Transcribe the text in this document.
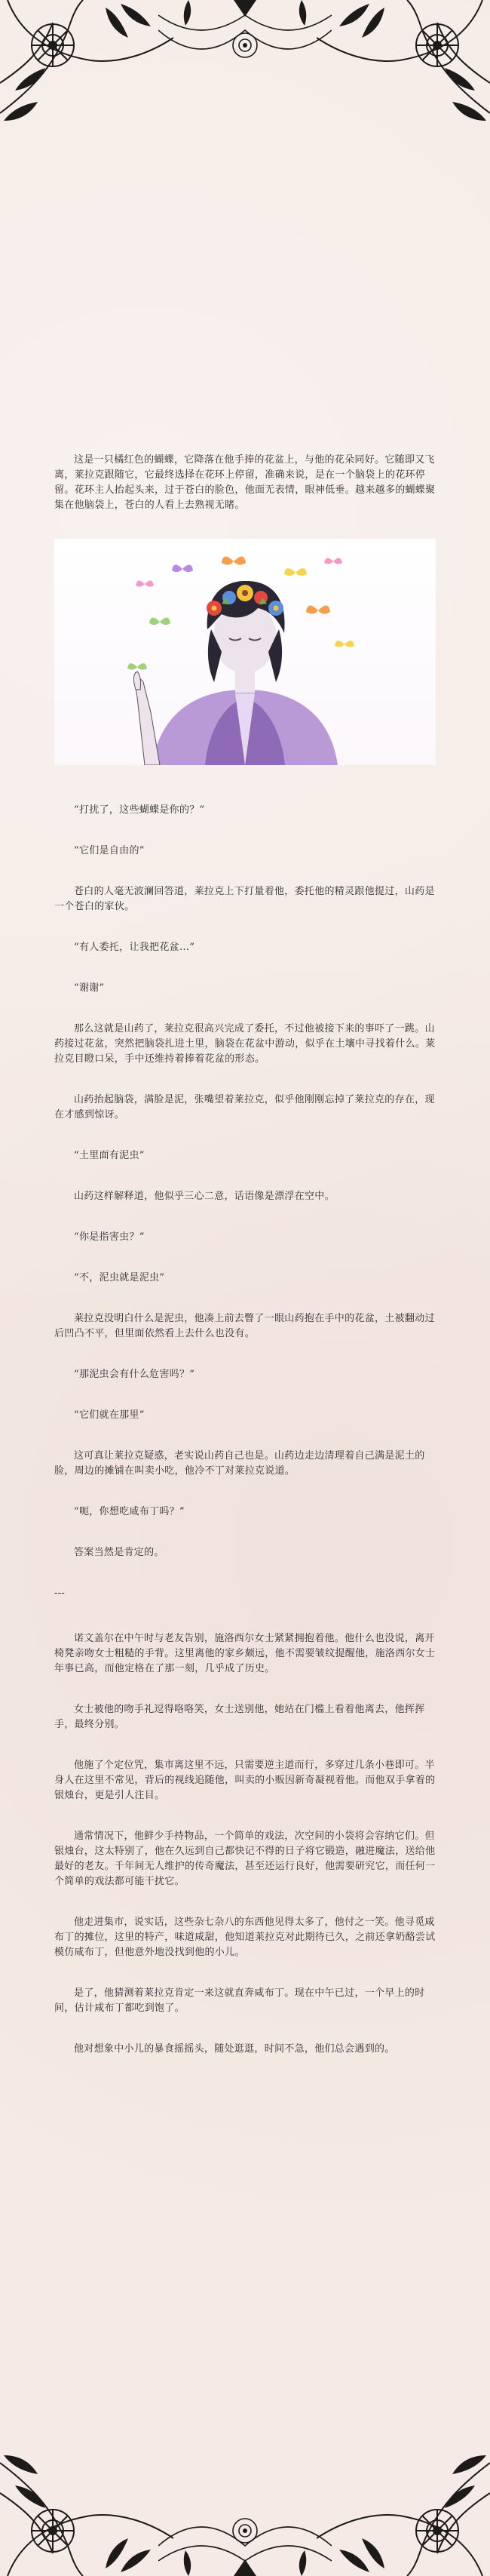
这是一只橘红色的蝴蝶，它降落在他手捧的花盆上，与他的花朵同好。它随即又飞离，莱拉克跟随它，它最终选择在花环上停留，准确来说，是在一个脑袋上的花环停留。花环主人抬起头来，过于苍白的脸色，他面无表情，眼神低垂。越来越多的蝴蝶聚集在他脑袋上，苍白的人看上去熟视无睹。

“打扰了，这些蝴蝶是你的？”

“它们是自由的”

苍白的人毫无波澜回答道，莱拉克上下打量着他，委托他的精灵跟他提过，山药是一个苍白的家伙。

“有人委托，让我把花盆…”

“谢谢”

那么这就是山药了，莱拉克很高兴完成了委托，不过他被接下来的事吓了一跳。山药接过花盆，突然把脑袋扎进土里，脑袋在花盆中游动，似乎在土壤中寻找着什么。莱拉克目瞪口呆，手中还维持着捧着花盆的形态。

山药抬起脑袋，满脸是泥，张嘴望着莱拉克，似乎他刚刚忘掉了莱拉克的存在，现在才感到惊讶。

“土里面有泥虫”

山药这样解释道，他似乎三心二意，话语像是漂浮在空中。

“你是指害虫？”

“不，泥虫就是泥虫”

莱拉克没明白什么是泥虫，他凑上前去瞥了一眼山药抱在手中的花盆，土被翻动过后凹凸不平，但里面依然看上去什么也没有。

“那泥虫会有什么危害吗？”

“它们就在那里”

这可真让莱拉克疑惑，老实说山药自己也是。山药边走边清理着自己满是泥土的脸，周边的摊铺在叫卖小吃，他冷不丁对莱拉克说道。

“呃，你想吃咸布丁吗？”

答案当然是肯定的。

---

诺文盖尔在中午时与老友告别，施洛西尔女士紧紧拥抱着他。他什么也没说，离开椅凳亲吻女士粗糙的手背。这里离他的家乡颇远，他不需要皱纹提醒他，施洛西尔女士年事已高，而他定格在了那一刻，几乎成了历史。

女士被他的吻手礼逗得咯咯笑，女士送别他，她站在门槛上看着他离去，他挥挥手，最终分别。

他施了个定位咒，集市离这里不远，只需要逆主道而行，多穿过几条小巷即可。半身人在这里不常见，背后的视线追随他，叫卖的小贩因新奇凝视着他。而他双手拿着的银烛台，更是引人注目。

通常情况下，他鲜少手持物品，一个简单的戏法，次空间的小袋将会容纳它们。但银烛台，这太特别了，他在久远到自己都快记不得的日子将它锻造，融进魔法，送给他最好的老友。千年间无人维护的传奇魔法，甚至还运行良好，他需要研究它，而任何一个简单的戏法都可能干扰它。

他走进集市，说实话，这些杂七杂八的东西他见得太多了，他付之一笑。他寻觅咸布丁的摊位，这里的特产，味道咸甜，他知道莱拉克对此期待已久，之前还拿奶酪尝试模仿咸布丁，但他意外地没找到他的小儿。

是了，他猜测着莱拉克肯定一来这就直奔咸布丁。现在中午已过，一个早上的时间，估计咸布丁都吃到饱了。

他对想象中小儿的暴食摇摇头，随处逛逛，时间不急，他们总会遇到的。
